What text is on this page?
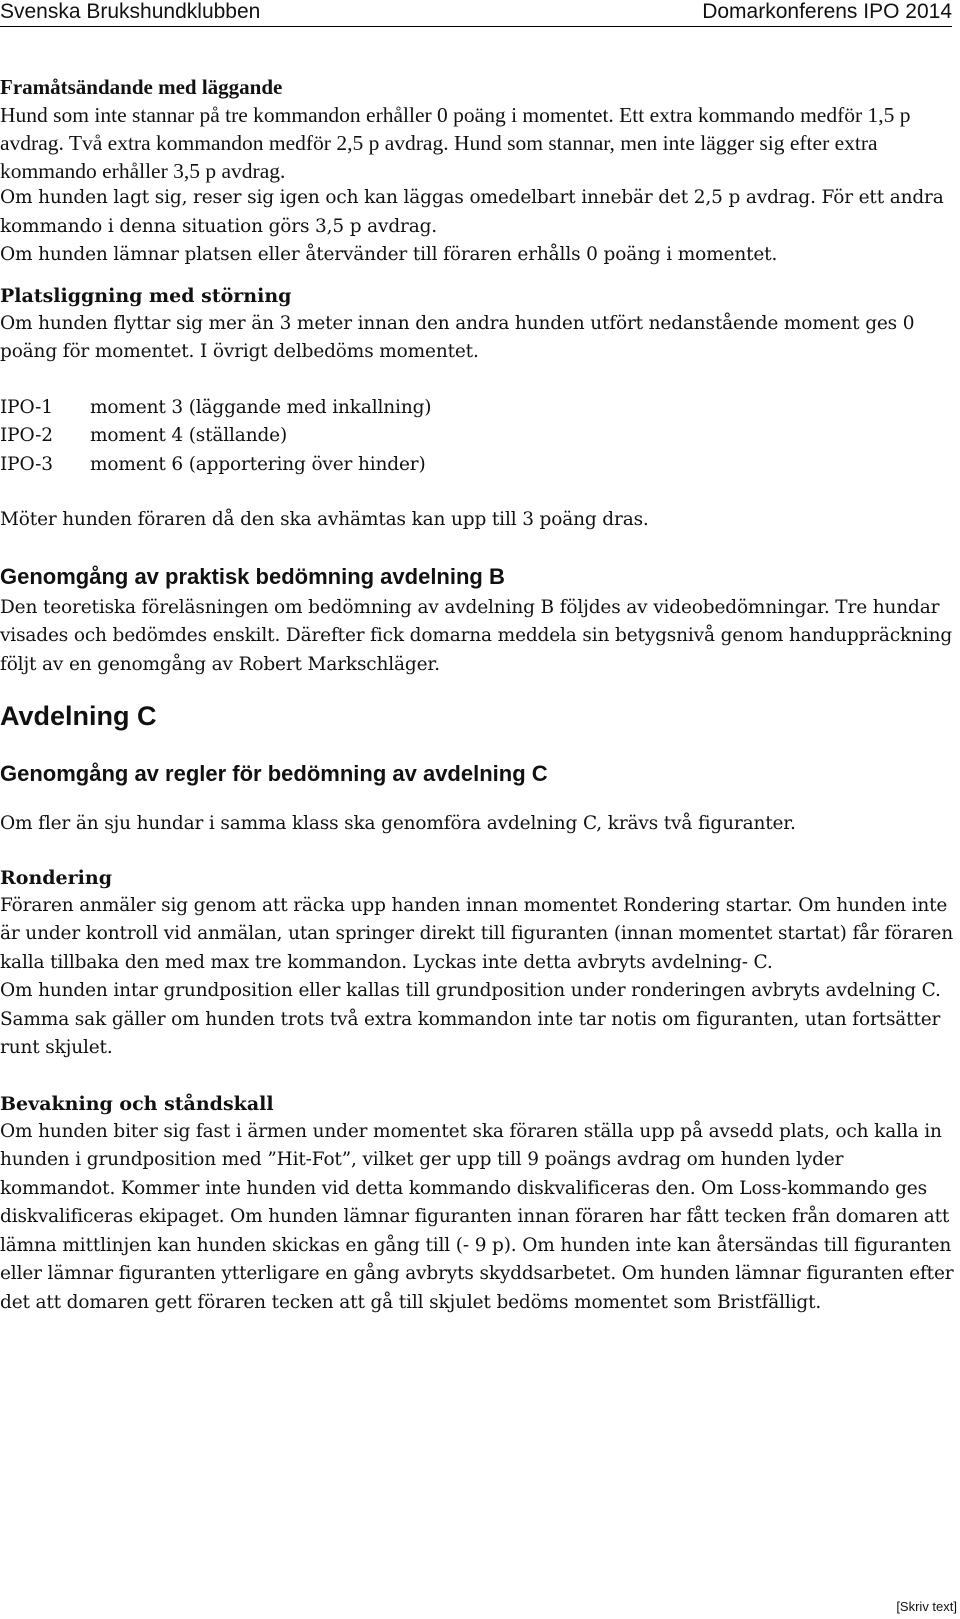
Svenska Brukshundklubben	Domarkonferens IPO 2014

Framåtsändande med läggande

Hund som inte stannar på tre kommandon erhåller 0 poäng i momentet. Ett extra kommando medför 1,5 p avdrag. Två extra kommandon medför 2,5 p avdrag. Hund som stannar, men inte lägger sig efter extra kommando erhåller 3,5 p avdrag.

Om hunden lagt sig, reser sig igen och kan läggas omedelbart innebär det 2,5 p avdrag. För ett andra kommando i denna situation görs 3,5 p avdrag.

Om hunden lämnar platsen eller återvänder till föraren erhålls 0 poäng i momentet.

Platsliggning med störning

Om hunden flyttar sig mer än 3 meter innan den andra hunden utfört nedanstående moment ges 0 poäng för momentet. I övrigt delbedöms momentet.

IPO-1	moment 3 (läggande med inkallning)
IPO-2	moment 4 (ställande)
IPO-3	moment 6 (apportering över hinder)

Möter hunden föraren då den ska avhämtas kan upp till 3 poäng dras.

Genomgång av praktisk bedömning avdelning B

Den teoretiska föreläsningen om bedömning av avdelning B följdes av videobedömningar. Tre hundar visades och bedömdes enskilt. Därefter fick domarna meddela sin betygsnivå genom handuppräckning följt av en genomgång av Robert Markschläger.

Avdelning C

Genomgång av regler för bedömning av avdelning C

Om fler än sju hundar i samma klass ska genomföra avdelning C, krävs två figuranter.

Rondering

Föraren anmäler sig genom att räcka upp handen innan momentet Rondering startar. Om hunden inte är under kontroll vid anmälan, utan springer direkt till figuranten (innan momentet startat) får föraren kalla tillbaka den med max tre kommandon. Lyckas inte detta avbryts avdelning- C.

Om hunden intar grundposition eller kallas till grundposition under ronderingen avbryts avdelning C. Samma sak gäller om hunden trots två extra kommandon inte tar notis om figuranten, utan fortsätter runt skjulet.

Bevakning och ståndskall

Om hunden biter sig fast i ärmen under momentet ska föraren ställa upp på avsedd plats, och kalla in hunden i grundposition med ”Hit-Fot”, vilket ger upp till 9 poängs avdrag om hunden lyder kommandot. Kommer inte hunden vid detta kommando diskvalificeras den. Om Loss-kommando ges diskvalificeras ekipaget. Om hunden lämnar figuranten innan föraren har fått tecken från domaren att lämna mittlinjen kan hunden skickas en gång till (- 9 p). Om hunden inte kan återsändas till figuranten eller lämnar figuranten ytterligare en gång avbryts skyddsarbetet. Om hunden lämnar figuranten efter det att domaren gett föraren tecken att gå till skjulet bedöms momentet som Bristfälligt.

[Skriv text]
